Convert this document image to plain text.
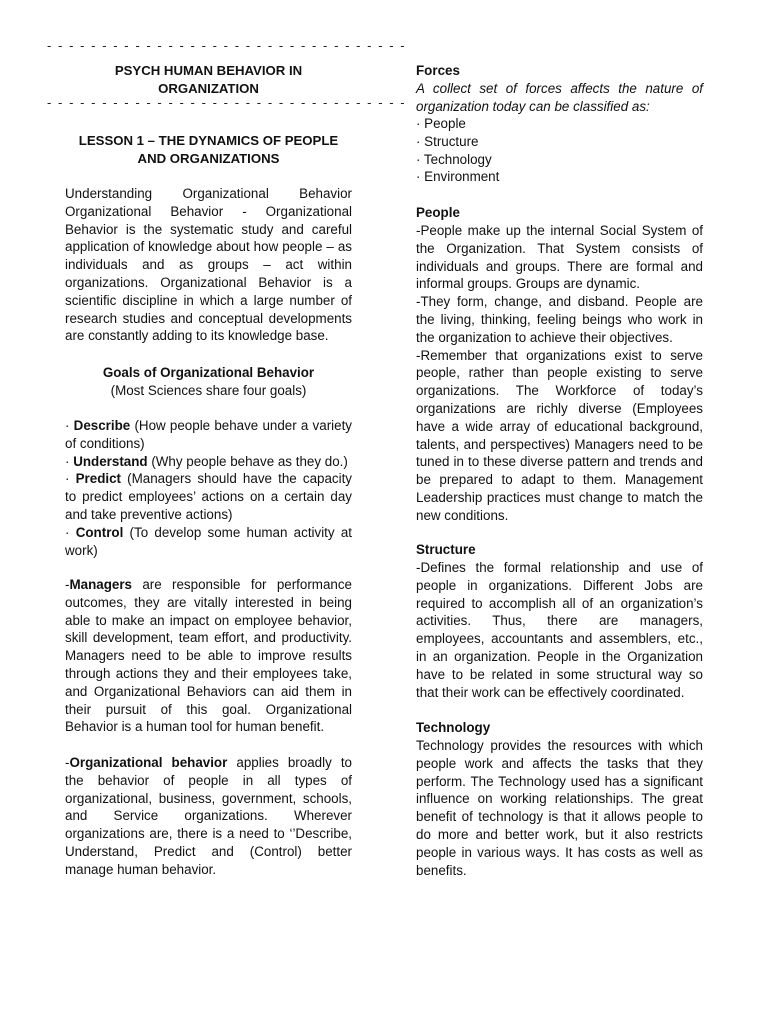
- - - - - - - - - - - - - - - - - - - - - - - - - - - - - - - - -
PSYCH HUMAN BEHAVIOR IN
ORGANIZATION
- - - - - - - - - - - - - - - - - - - - - - - - - - - - - - - - -
LESSON 1 – THE DYNAMICS OF PEOPLE
AND ORGANIZATIONS

Understanding Organizational Behavior Organizational Behavior - Organizational Behavior is the systematic study and careful application of knowledge about how people – as individuals and as groups – act within organizations. Organizational Behavior is a scientific discipline in which a large number of research studies and conceptual developments are constantly adding to its knowledge base.

Goals of Organizational Behavior

(Most Sciences share four goals)

· Describe (How people behave under a variety of conditions)

· Understand (Why people behave as they do.)

· Predict (Managers should have the capacity to predict employees’ actions on a certain day and take preventive actions)

· Control (To develop some human activity at work)

-Managers are responsible for performance outcomes, they are vitally interested in being able to make an impact on employee behavior, skill development, team effort, and productivity. Managers need to be able to improve results through actions they and their employees take, and Organizational Behaviors can aid them in their pursuit of this goal. Organizational Behavior is a human tool for human benefit.

-Organizational behavior applies broadly to the behavior of people in all types of organizational, business, government, schools, and Service organizations. Wherever organizations are, there is a need to ‘’Describe, Understand, Predict and (Control) better manage human behavior.

Forces

A collect set of forces affects the nature of organization today can be classified as:

· People

· Structure

· Technology

· Environment

People

-People make up the internal Social System of the Organization. That System consists of individuals and groups. There are formal and informal groups. Groups are dynamic.

-They form, change, and disband. People are the living, thinking, feeling beings who work in the organization to achieve their objectives.

-Remember that organizations exist to serve people, rather than people existing to serve organizations. The Workforce of today’s organizations are richly diverse (Employees have a wide array of educational background, talents, and perspectives) Managers need to be tuned in to these diverse pattern and trends and be prepared to adapt to them. Management Leadership practices must change to match the new conditions.

Structure

-Defines the formal relationship and use of people in organizations. Different Jobs are required to accomplish all of an organization’s activities. Thus, there are managers, employees, accountants and assemblers, etc., in an organization. People in the Organization have to be related in some structural way so that their work can be effectively coordinated.

Technology

Technology provides the resources with which people work and affects the tasks that they perform. The Technology used has a significant influence on working relationships. The great benefit of technology is that it allows people to do more and better work, but it also restricts people in various ways. It has costs as well as benefits.
